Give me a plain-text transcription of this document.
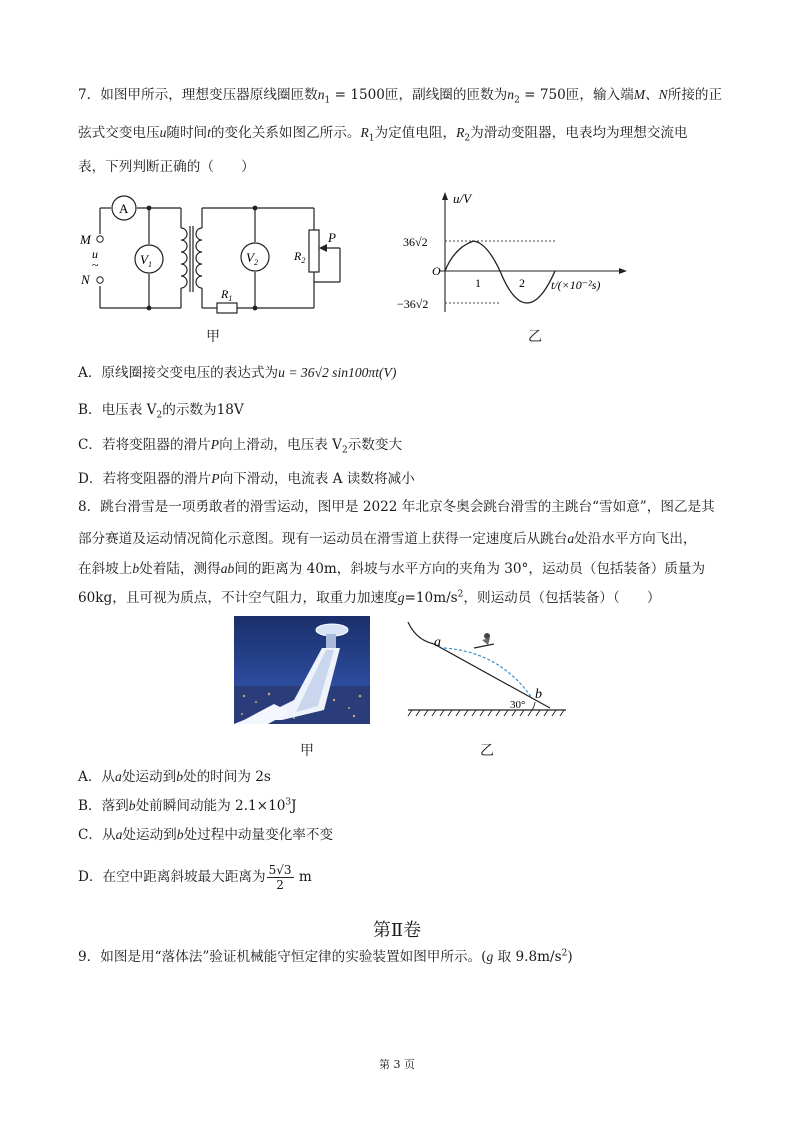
7．如图甲所示，理想变压器原线圈匝数$n_1 = 1500$匝，副线圈的匝数为$n_2 = 750$匝，输入端M、N所接的正
弦式交变电压u随时间t的变化关系如图乙所示。$R_1$为定值电阻，$R_2$为滑动变阻器，电表均为理想交流电
表，下列判断正确的（　　）
A
$V_1$	$V_2$
M
u
~
N
$R_2$
P
$R_1$
u/V
36√2
−36√2
O
1	2 t/(×10⁻²s)
甲	乙
A．原线圈接交变电压的表达式为u = 36√2 sin100πt(V)
B．电压表 $V_2$的示数为18V
C．若将变阻器的滑片P向上滑动，电压表 $V_2$示数变大
D．若将变阻器的滑片P向下滑动，电流表 A 读数将减小
8．跳台滑雪是一项勇敢者的滑雪运动，图甲是 2022 年北京冬奥会跳台滑雪的主跳台“雪如意”，图乙是其
部分赛道及运动情况简化示意图。现有一运动员在滑雪道上获得一定速度后从跳台a处沿水平方向飞出，
在斜坡上b处着陆，测得ab间的距离为 40m，斜坡与水平方向的夹角为 30°，运动员（包括装备）质量为
60kg，且可视为质点，不计空气阻力，取重力加速度$g=10m/s^2$，则运动员（包括装备）（　　）
a
b
30°
甲	乙
A．从a处运动到b处的时间为 2s
B．落到b处前瞬间动能为 $2.1\times 10^3J$
C．从a处运动到b处过程中动量变化率不变
D．在空中距离斜坡最大距离为 $\frac{5√3}{2}$ m
第Ⅱ卷
9．如图是用“落体法”验证机械能守恒定律的实验装置如图甲所示。(g 取 $9.8m/s^2$)
第 3 页
